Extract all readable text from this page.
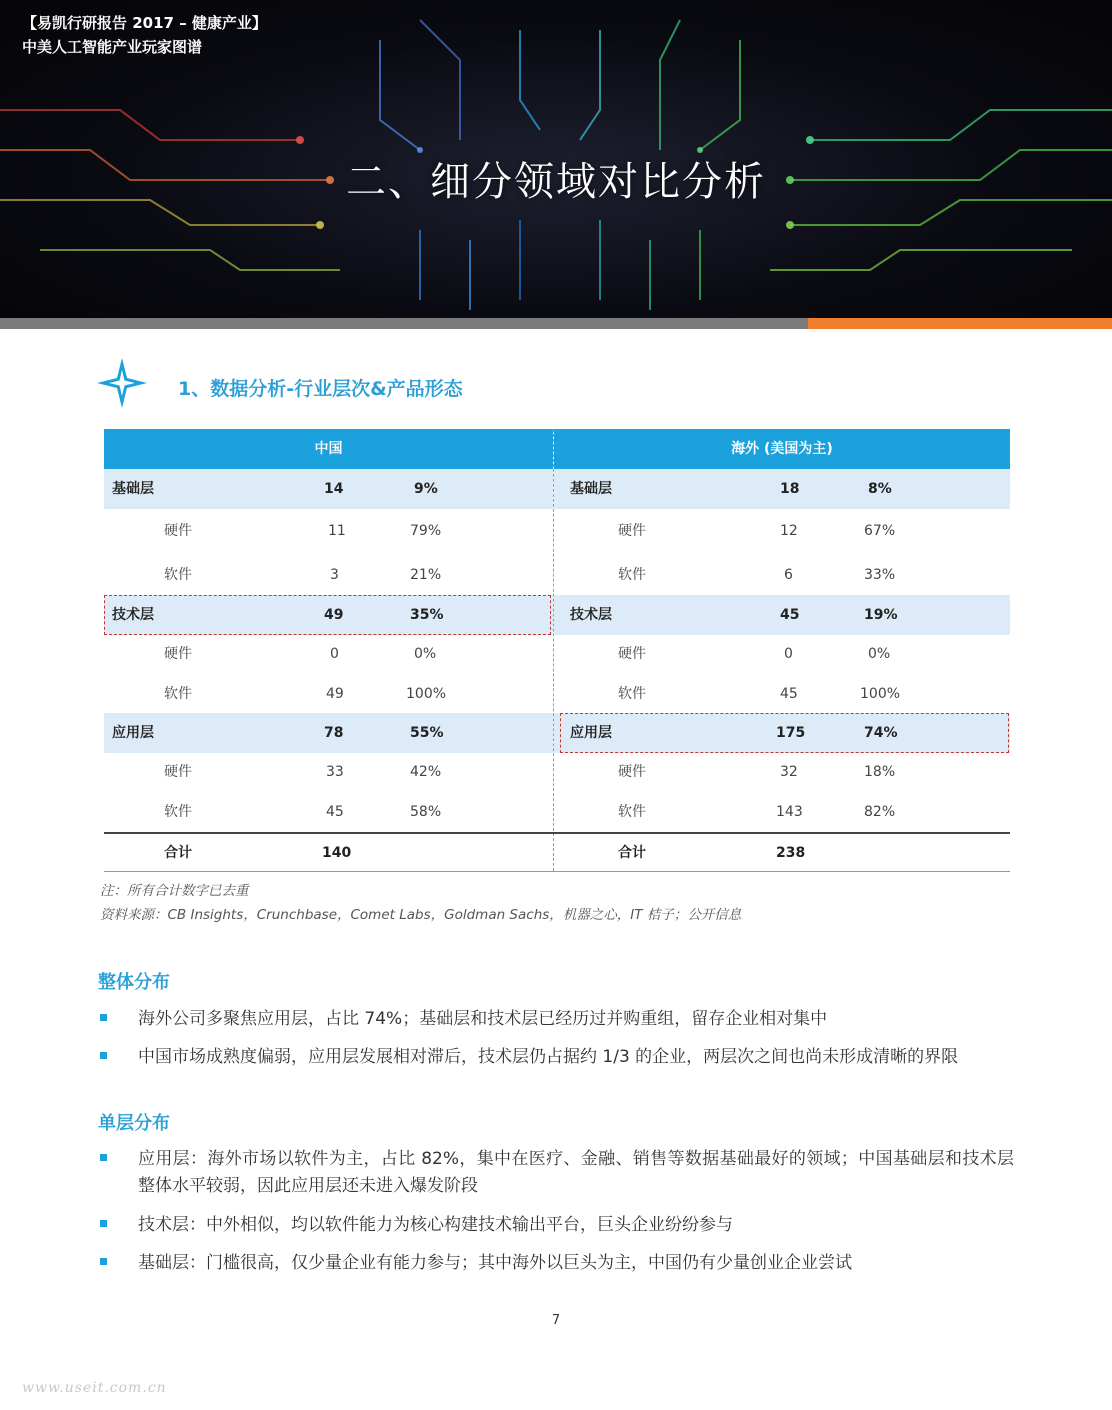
【易凯行研报告 2017 – 健康产业】
中美人工智能产业玩家图谱
二、细分领域对比分析
1、数据分析-行业层次&产品形态
中国	海外 (美国为主)
基础层	14	9%	基础层	18	8%
硬件	11	79%	硬件	12	67%
软件	3	21%	软件	6	33%
技术层	49	35%	技术层	45	19%
硬件	0	0%	硬件	0	0%
软件	49	100%	软件	45	100%
应用层	78	55%	应用层	175	74%
硬件	33	42%	硬件	32	18%
软件	45	58%	软件	143	82%
合计	140	合计	238
注：所有合计数字已去重
资料来源：CB Insights，Crunchbase，Comet Labs，Goldman Sachs，机器之心，IT 桔子；公开信息
整体分布
海外公司多聚焦应用层，占比 74%；基础层和技术层已经历过并购重组，留存企业相对集中
中国市场成熟度偏弱，应用层发展相对滞后，技术层仍占据约 1/3 的企业，两层次之间也尚未形成清晰的界限
单层分布
应用层：海外市场以软件为主，占比 82%，集中在医疗、金融、销售等数据基础最好的领域；中国基础层和技术层整体水平较弱，因此应用层还未进入爆发阶段
技术层：中外相似，均以软件能力为核心构建技术输出平台，巨头企业纷纷参与
基础层：门槛很高，仅少量企业有能力参与；其中海外以巨头为主，中国仍有少量创业企业尝试
7
www.useit.com.cn
